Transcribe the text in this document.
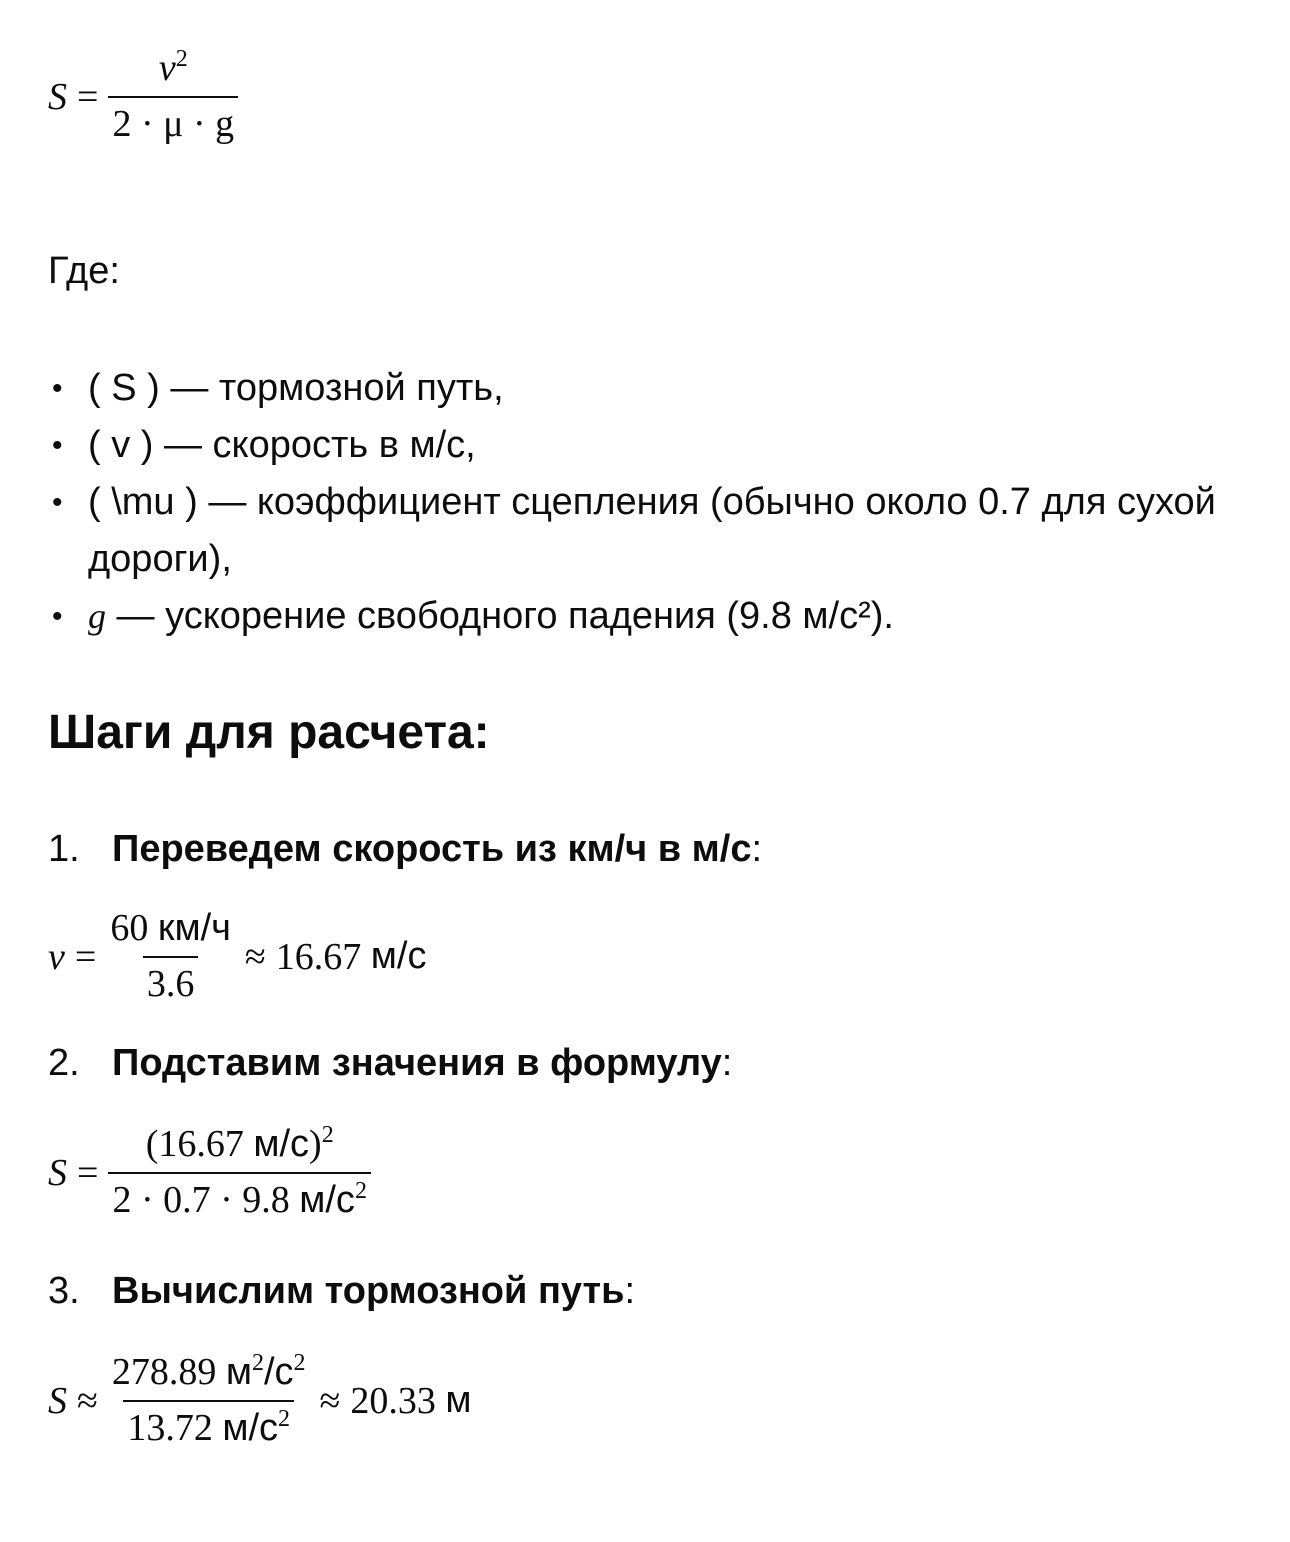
$S = \frac{v^2}{2 \cdot \mu \cdot g}$
Где:
• ( S ) — тормозной путь,
• ( v ) — скорость в м/с,
• ( \mu ) — коэффициент сцепления (обычно около 0.7 для сухой дороги),
• g — ускорение свободного падения (9.8 м/с²).
Шаги для расчета:
1. Переведем скорость из км/ч в м/с:
$v = \frac{60 км/ч}{3.6} \approx 16.67$
м/с
2. Подставим значения в формулу:
$S = \frac{(16.67 м/с)^2}{2 \cdot 0.7 \cdot 9.8 м/с^2}$
3. Вычислим тормозной путь:
$S \approx \frac{278.89 м^2/с^2}{13.72 м/с^2} \approx 20.33$
м
